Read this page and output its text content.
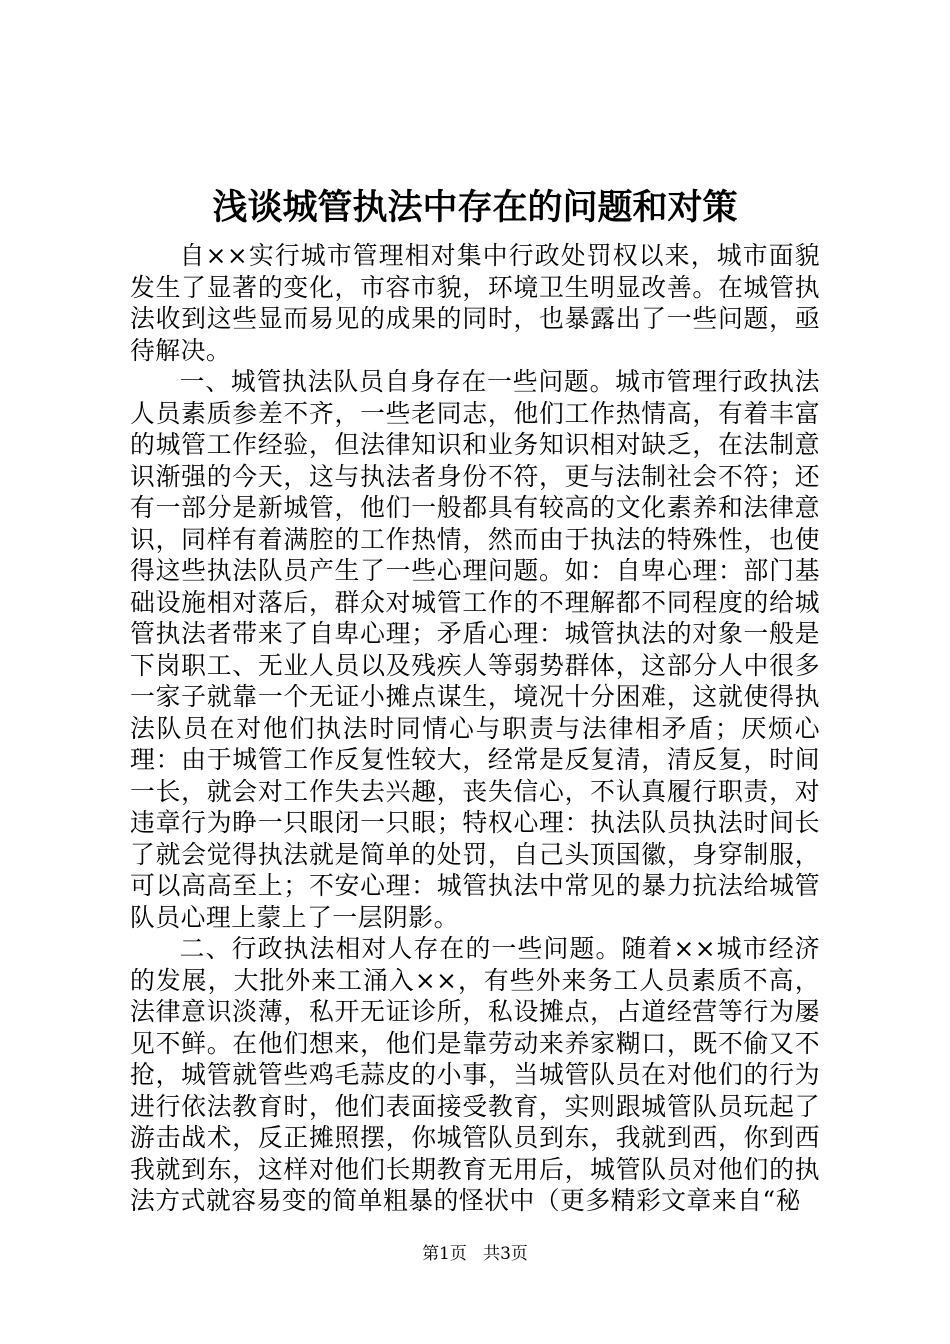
浅谈城管执法中存在的问题和对策

自××实行城市管理相对集中行政处罚权以来，城市面貌发生了显著的变化，市容市貌，环境卫生明显改善。在城管执法收到这些显而易见的成果的同时，也暴露出了一些问题，亟待解决。

一、城管执法队员自身存在一些问题。城市管理行政执法人员素质参差不齐，一些老同志，他们工作热情高，有着丰富的城管工作经验，但法律知识和业务知识相对缺乏，在法制意识渐强的今天，这与执法者身份不符，更与法制社会不符；还有一部分是新城管，他们一般都具有较高的文化素养和法律意识，同样有着满腔的工作热情，然而由于执法的特殊性，也使得这些执法队员产生了一些心理问题。如：自卑心理：部门基础设施相对落后，群众对城管工作的不理解都不同程度的给城管执法者带来了自卑心理；矛盾心理：城管执法的对象一般是下岗职工、无业人员以及残疾人等弱势群体，这部分人中很多一家子就靠一个无证小摊点谋生，境况十分困难，这就使得执法队员在对他们执法时同情心与职责与法律相矛盾；厌烦心理：由于城管工作反复性较大，经常是反复清，清反复，时间一长，就会对工作失去兴趣，丧失信心，不认真履行职责，对违章行为睁一只眼闭一只眼；特权心理：执法队员执法时间长了就会觉得执法就是简单的处罚，自己头顶国徽，身穿制服，可以高高至上；不安心理：城管执法中常见的暴力抗法给城管队员心理上蒙上了一层阴影。

二、行政执法相对人存在的一些问题。随着××城市经济的发展，大批外来工涌入××，有些外来务工人员素质不高，法律意识淡薄，私开无证诊所，私设摊点，占道经营等行为屡见不鲜。在他们想来，他们是靠劳动来养家糊口，既不偷又不抢，城管就管些鸡毛蒜皮的小事，当城管队员在对他们的行为进行依法教育时，他们表面接受教育，实则跟城管队员玩起了游击战术，反正摊照摆，你城管队员到东，我就到西，你到西我就到东，这样对他们长期教育无用后，城管队员对他们的执法方式就容易变的简单粗暴的怪状中（更多精彩文章来自“秘

第1页 共3页
